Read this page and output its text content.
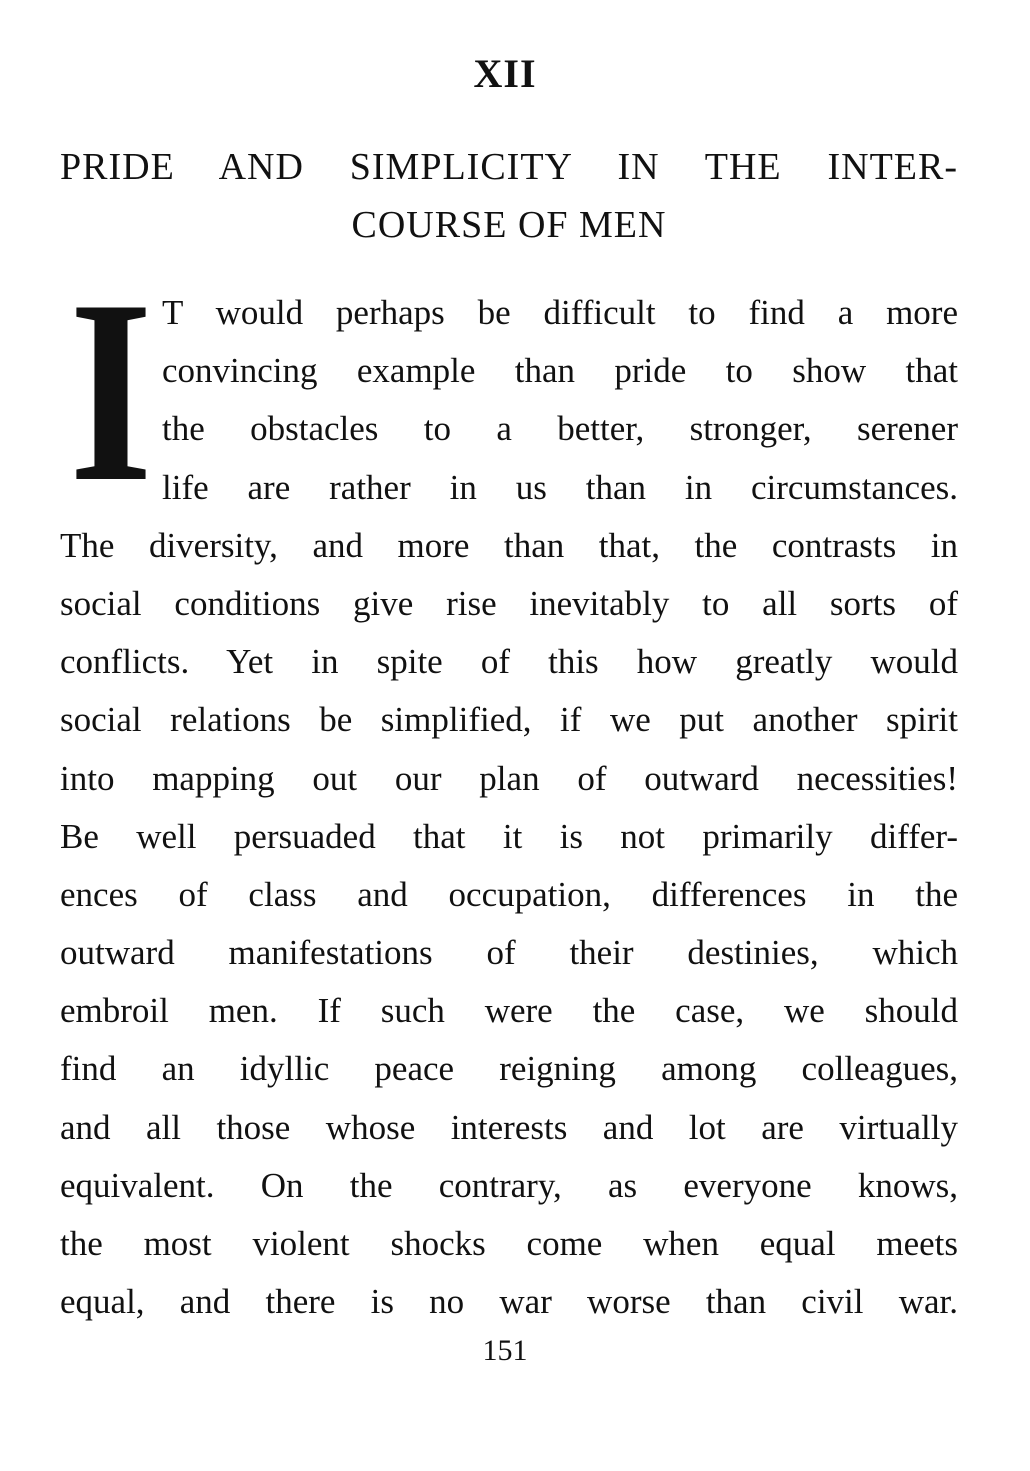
XII
PRIDE AND SIMPLICITY IN THE INTER-
COURSE OF MEN
I T would perhaps be difficult to find a more
convincing example than pride to show that
the obstacles to a better, stronger, serener
life are rather in us than in circumstances.
The diversity, and more than that, the contrasts in
social conditions give rise inevitably to all sorts of
conflicts. Yet in spite of this how greatly would
social relations be simplified, if we put another spirit
into mapping out our plan of outward necessities!
Be well persuaded that it is not primarily differ-
ences of class and occupation, differences in the
outward manifestations of their destinies, which
embroil men. If such were the case, we should
find an idyllic peace reigning among colleagues,
and all those whose interests and lot are virtually
equivalent. On the contrary, as everyone knows,
the most violent shocks come when equal meets
equal, and there is no war worse than civil war.
151
